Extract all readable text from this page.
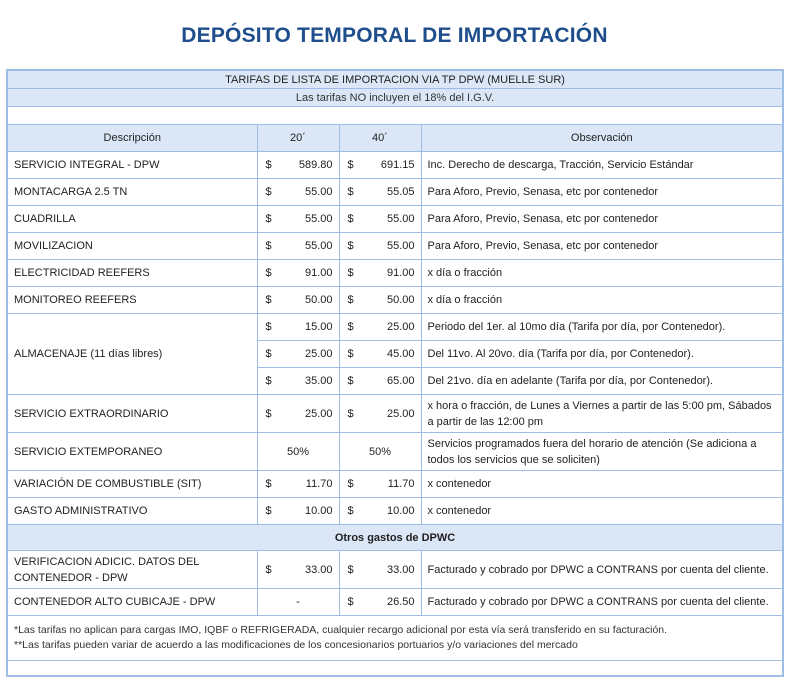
DEPÓSITO TEMPORAL DE IMPORTACIÓN
TARIFAS DE LISTA DE IMPORTACION VIA TP DPW (MUELLE SUR)			
Las tarifas NO incluyen el 18% del I.G.V.			

Descripción	20´	40´	Observación
SERVICIO INTEGRAL - DPW	$ 589.80	$ 691.15	Inc. Derecho de descarga, Tracción, Servicio Estándar
MONTACARGA 2.5 TN	$ 55.00	$ 55.05	Para Aforo, Previo, Senasa, etc por contenedor
CUADRILLA	$ 55.00	$ 55.00	Para Aforo, Previo, Senasa, etc por contenedor
MOVILIZACION	$ 55.00	$ 55.00	Para Aforo, Previo, Senasa, etc por contenedor
ELECTRICIDAD REEFERS	$ 91.00	$ 91.00	x día o fracción
MONITOREO REEFERS	$ 50.00	$ 50.00	x día o fracción
ALMACENAJE (11 días libres)	$ 15.00	$ 25.00	Periodo del 1er. al 10mo día (Tarifa por día, por Contenedor).

	$ 25.00	$ 45.00	Del 11vo. Al 20vo. día (Tarifa por día, por Contenedor).

	$ 35.00	$ 65.00	Del 21vo. día en adelante (Tarifa por día, por Contenedor).
SERVICIO EXTRAORDINARIO	$ 25.00	$ 25.00	x hora o fracción, de Lunes a Viernes a partir de las 5:00 pm, Sábados a partir de las 12:00 pm
SERVICIO EXTEMPORANEO	50%	50%	Servicios programados fuera del horario de atención (Se adiciona a todos los servicios que se soliciten)
VARIACIÓN DE COMBUSTIBLE (SIT)	$ 11.70	$ 11.70	x contenedor
GASTO ADMINISTRATIVO	$ 10.00	$ 10.00	x contenedor
Otros gastos de DPWC			
VERIFICACION ADICIC. DATOS DEL CONTENEDOR - DPW	$ 33.00	$ 33.00	Facturado y cobrado por DPWC a CONTRANS por cuenta del cliente.
CONTENEDOR ALTO CUBICAJE - DPW	-	$ 26.50	Facturado y cobrado por DPWC a CONTRANS por cuenta del cliente.

*Las tarifas no aplican para cargas IMO, IQBF o REFRIGERADA, cualquier recargo adicional por esta vía será transferido en su facturación.
**Las tarifas pueden variar de acuerdo a las modificaciones de los concesionarios portuarios y/o variaciones del mercado			
